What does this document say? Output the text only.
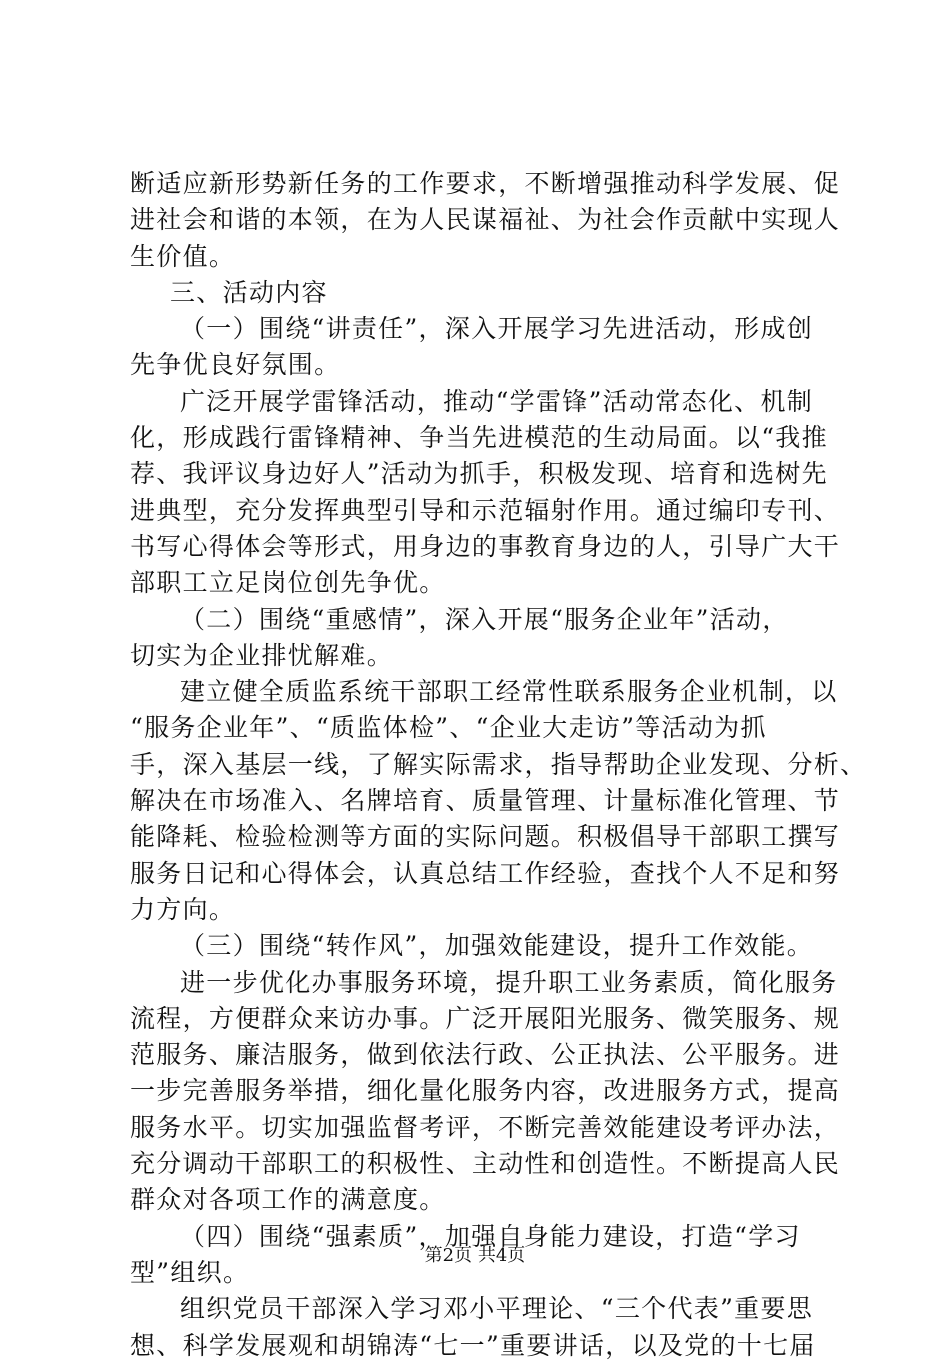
断适应新形势新任务的工作要求，不断增强推动科学发展、促
进社会和谐的本领，在为人民谋福祉、为社会作贡献中实现人
生价值。
三、活动内容
（一）围绕“讲责任”，深入开展学习先进活动，形成创
先争优良好氛围。
广泛开展学雷锋活动，推动“学雷锋”活动常态化、机制
化，形成践行雷锋精神、争当先进模范的生动局面。以“我推
荐、我评议身边好人”活动为抓手，积极发现、培育和选树先
进典型，充分发挥典型引导和示范辐射作用。通过编印专刊、
书写心得体会等形式，用身边的事教育身边的人，引导广大干
部职工立足岗位创先争优。
（二）围绕“重感情”，深入开展“服务企业年”活动，
切实为企业排忧解难。
建立健全质监系统干部职工经常性联系服务企业机制，以
“服务企业年”、“质监体检”、“企业大走访”等活动为抓
手，深入基层一线，了解实际需求，指导帮助企业发现、分析、
解决在市场准入、名牌培育、质量管理、计量标准化管理、节
能降耗、检验检测等方面的实际问题。积极倡导干部职工撰写
服务日记和心得体会，认真总结工作经验，查找个人不足和努
力方向。
（三）围绕“转作风”，加强效能建设，提升工作效能。
进一步优化办事服务环境，提升职工业务素质，简化服务
流程，方便群众来访办事。广泛开展阳光服务、微笑服务、规
范服务、廉洁服务，做到依法行政、公正执法、公平服务。进
一步完善服务举措，细化量化服务内容，改进服务方式，提高
服务水平。切实加强监督考评，不断完善效能建设考评办法，
充分调动干部职工的积极性、主动性和创造性。不断提高人民
群众对各项工作的满意度。
（四）围绕“强素质”，加强自身能力建设，打造“学习
型”组织。
组织党员干部深入学习邓小平理论、“三个代表”重要思
想、科学发展观和胡锦涛“七一”重要讲话，以及党的十七届
第2页 共4页
